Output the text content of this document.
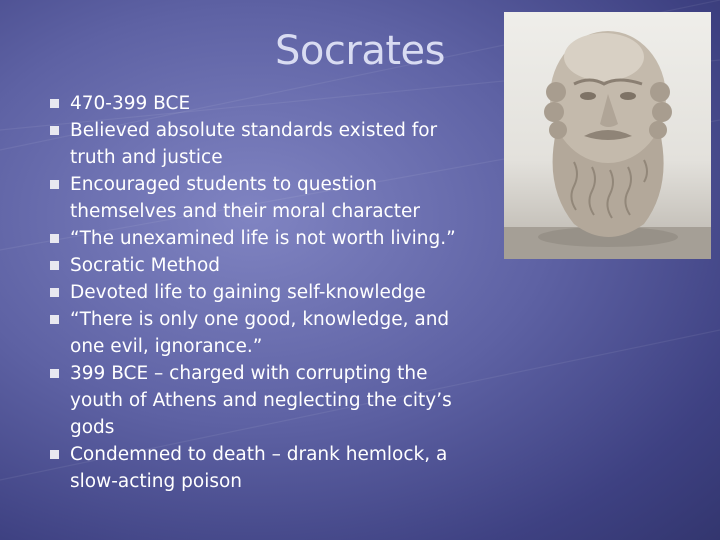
Socrates
470-399 BCE
Believed absolute standards existed for truth and justice
Encouraged students to question themselves and their moral character
“The unexamined life is not worth living.”
Socratic Method
Devoted life to gaining self-knowledge
“There is only one good, knowledge, and one evil, ignorance.”
399 BCE – charged with corrupting the youth of Athens and neglecting the city’s gods
Condemned to death – drank hemlock, a slow-acting poison
